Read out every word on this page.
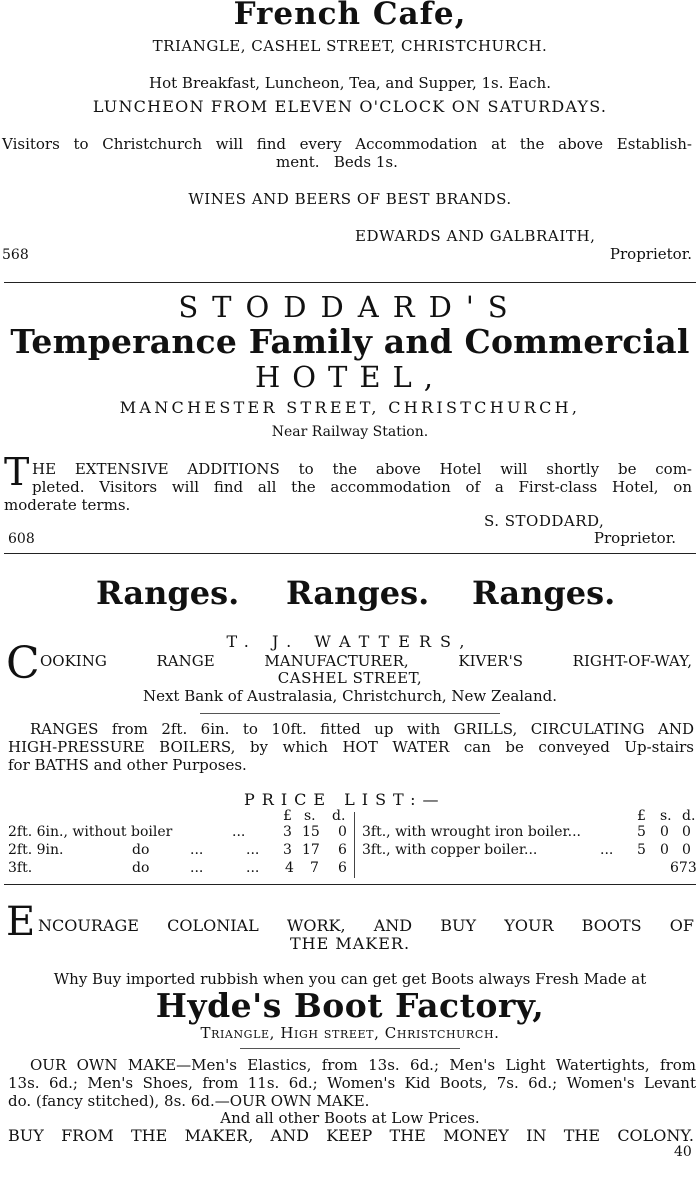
French Cafe,
TRIANGLE, CASHEL STREET, CHRISTCHURCH.
Hot Breakfast, Luncheon, Tea, and Supper, 1s. Each.
LUNCHEON FROM ELEVEN O'CLOCK ON SATURDAYS.
Visitors to Christchurch will find every Accommodation at the above Establish-
ment.   Beds 1s.
WINES AND BEERS OF BEST BRANDS.
EDWARDS AND GALBRAITH,
568	Proprietor.
STODDARD'S
Temperance Family and Commercial
HOTEL,
MANCHESTER STREET, CHRISTCHURCH,
Near Railway Station.
T HE EXTENSIVE ADDITIONS to the above Hotel will shortly be com-
pleted. Visitors will find all the accommodation of a First-class Hotel, on
moderate terms.
S. STODDARD,
608	Proprietor.
Ranges. Ranges. Ranges.
T. J. WATTERS,
C OOKING RANGE MANUFACTURER, KIVER'S RIGHT-OF-WAY,
CASHEL STREET,
Next Bank of Australasia, Christchurch, New Zealand.
RANGES from 2ft. 6in. to 10ft. fitted up with GRILLS, CIRCULATING AND
HIGH-PRESSURE BOILERS, by which HOT WATER can be conveyed Up-stairs
for BATHS and other Purposes.
PRICE LIST:—
£ s. d.	£ s. d.
2ft. 6in., without boiler	...	3 15 0
2ft. 9in.	do	...	... 3 17 6
3ft.	do	...	... 4 7 6
3ft., with wrought iron boiler...	5 0 0
3ft., with copper boiler...	... 5 0 0
673
E NCOURAGE COLONIAL WORK, AND BUY YOUR BOOTS OF
THE MAKER.
Why Buy imported rubbish when you can get get Boots always Fresh Made at
Hyde's Boot Factory,
Triangle, High street, Christchurch.
OUR OWN MAKE—Men's Elastics, from 13s. 6d.; Men's Light Watertights, from
13s. 6d.; Men's Shoes, from 11s. 6d.; Women's Kid Boots, 7s. 6d.; Women's Levant
do. (fancy stitched), 8s. 6d.—OUR OWN MAKE.
And all other Boots at Low Prices.
BUY FROM THE MAKER, AND KEEP THE MONEY IN THE COLONY.
40
